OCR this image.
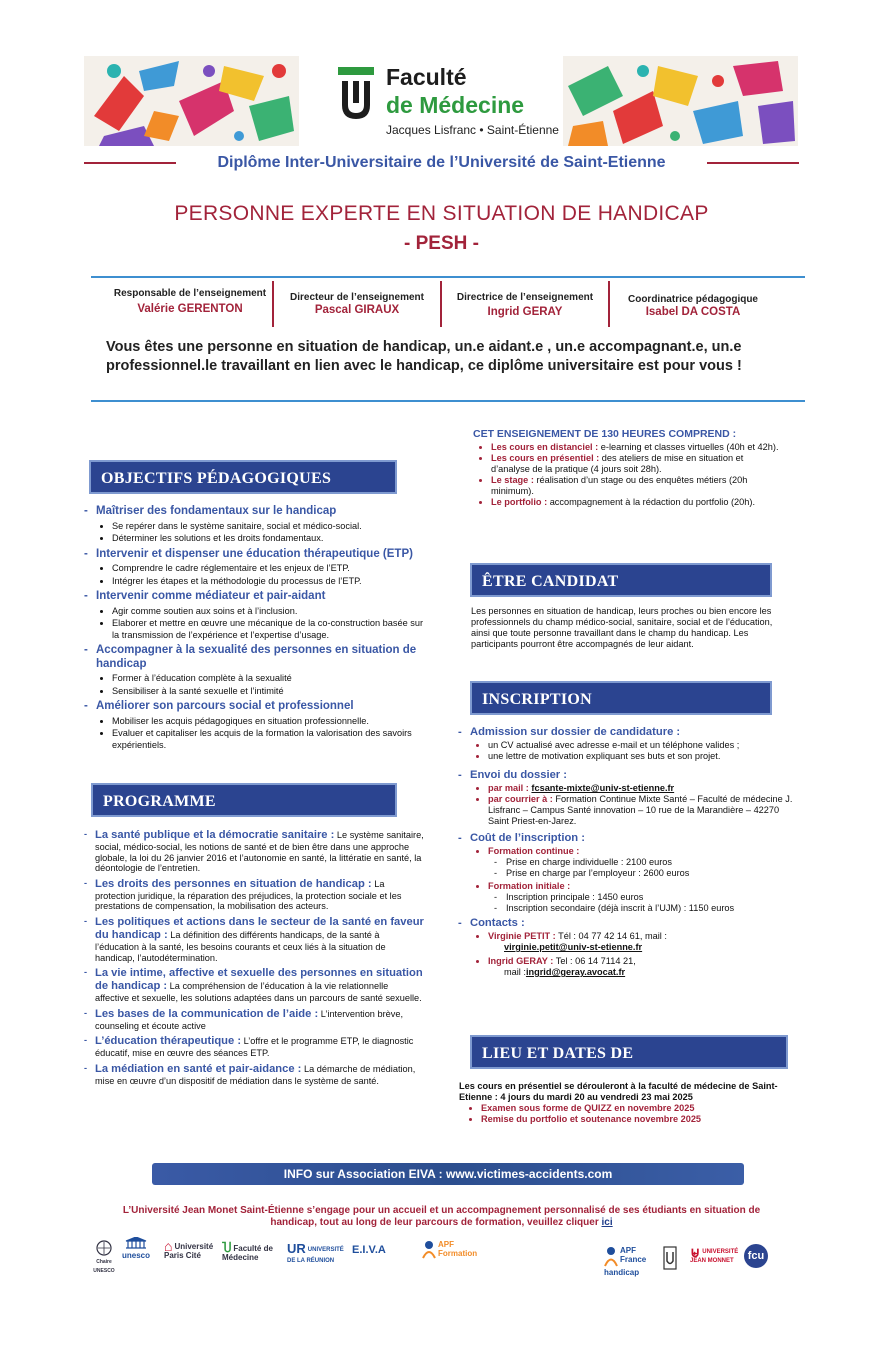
Faculté
de Médecine
Jacques Lisfranc • Saint-Étienne
Diplôme Inter-Universitaire de l’Université de Saint-Etienne
PERSONNE EXPERTE EN SITUATION DE HANDICAP
- PESH -
Responsable de l’enseignement
Valérie GERENTON
Directeur de l’enseignement
Pascal GIRAUX
Directrice de l’enseignement
Ingrid GERAY
Coordinatrice pédagogique
Isabel DA COSTA
Vous êtes une personne en situation de handicap, un.e aidant.e , un.e accompagnant.e, un.e professionnel.le travaillant en lien avec le handicap, ce diplôme universitaire est pour vous !
OBJECTIFS PÉDAGOGIQUES
- Maîtriser des fondamentaux sur le handicap
• Se repérer dans le système sanitaire, social et médico-social.
• Déterminer les solutions et les droits fondamentaux.
- Intervenir et dispenser une éducation thérapeutique (ETP)
• Comprendre le cadre réglementaire et les enjeux de l’ETP.
• Intégrer les étapes et la méthodologie du processus de l’ETP.
- Intervenir comme médiateur et pair-aidant
• Agir comme soutien aux soins et à l’inclusion.
• Elaborer et mettre en œuvre une mécanique de la co-construction basée sur la transmission de l’expérience et l’expertise d’usage.
- Accompagner à la sexualité des personnes en situation de handicap
• Former à l’éducation complète à la sexualité
• Sensibiliser à la santé sexuelle et l’intimité
- Améliorer son parcours social et professionnel
• Mobiliser les acquis pédagogiques en situation professionnelle.
• Evaluer et capitaliser les acquis de la formation la valorisation des savoirs expérientiels.
PROGRAMME
- La santé publique et la démocratie sanitaire : Le système sanitaire, social, médico-social, les notions de santé et de bien être dans une approche globale, la loi du 26 janvier 2016 et l’autonomie en santé, la littératie en santé, la déontologie de l’entretien.
- Les droits des personnes en situation de handicap : La protection juridique, la réparation des préjudices, la protection sociale et les prestations de compensation, la mobilisation des acteurs.
- Les politiques et actions dans le secteur de la santé en faveur du handicap : La définition des différents handicaps, de la santé à l’éducation à la santé, les besoins courants et ceux liés à la situation de handicap, l’autodétermination.
- La vie intime, affective et sexuelle des personnes en situation de handicap : La compréhension de l’éducation à la vie relationnelle affective et sexuelle, les solutions adaptées dans un parcours de santé sexuelle.
- Les bases de la communication de l’aide : L’intervention brève, counseling et écoute active
- L’éducation thérapeutique : L’offre et le programme ETP, le diagnostic éducatif, mise en œuvre des séances ETP.
- La médiation en santé et pair-aidance : La démarche de médiation, mise en œuvre d’un dispositif de médiation dans le système de santé.
CET ENSEIGNEMENT DE 130 HEURES COMPREND :
• Les cours en distanciel : e-learning et classes virtuelles (40h et 42h).
• Les cours en présentiel : des ateliers de mise en situation et d’analyse de la pratique (4 jours soit 28h).
• Le stage : réalisation d’un stage ou des enquêtes métiers (20h minimum).
• Le portfolio : accompagnement à la rédaction du portfolio (20h).
ÊTRE CANDIDAT
Les personnes en situation de handicap, leurs proches ou bien encore les professionnels du champ médico-social, sanitaire, social et de l’éducation, ainsi que toute personne travaillant dans le champ du handicap. Les participants pourront être accompagnés de leur aidant.
INSCRIPTION
- Admission sur dossier de candidature :
• un CV actualisé avec adresse e-mail et un téléphone valides ;
• une lettre de motivation expliquant ses buts et son projet.
- Envoi du dossier :
• par mail : fcsante-mixte@univ-st-etienne.fr
• par courrier à : Formation Continue Mixte Santé – Faculté de médecine J. Lisfranc – Campus Santé innovation – 10 rue de la Marandière – 42270 Saint Priest-en-Jarez.
- Coût de l’inscription :
• Formation continue :
- Prise en charge individuelle : 2100 euros
- Prise en charge par l’employeur : 2600 euros
• Formation initiale :
- Inscription principale : 1450 euros
- Inscription secondaire (déjà inscrit à l’UJM) : 1150 euros
- Contacts :
• Virginie PETIT : Tél : 04 77 42 14 61, mail :
virginie.petit@univ-st-etienne.fr
• Ingrid GERAY : Tel : 06 14 7114 21,
mail :ingrid@geray.avocat.fr
LIEU ET DATES DE
Les cours en présentiel se dérouleront à la faculté de médecine de Saint-Etienne : 4 jours du mardi 20 au vendredi 23 mai 2025
• Examen sous forme de QUIZZ en novembre 2025
• Remise du portfolio et soutenance novembre 2025
INFO sur Association EIVA : www.victimes-accidents.com
L’Université Jean Monet Saint-Étienne s’engage pour un accueil et un accompagnement personnalisé de ses étudiants en situation de handicap, tout au long de leur parcours de formation, veuillez cliquer ici
Chaire UNESCO
unesco
⌂ Université Paris Cité
Ⴎ Faculté de Médecine
UR UNIVERSITÉ DE LA RÉUNION
E.I.V.A	APF Formation	APF France handicap
⊌ UNIVERSITÉ JEAN MONNET	fcu
